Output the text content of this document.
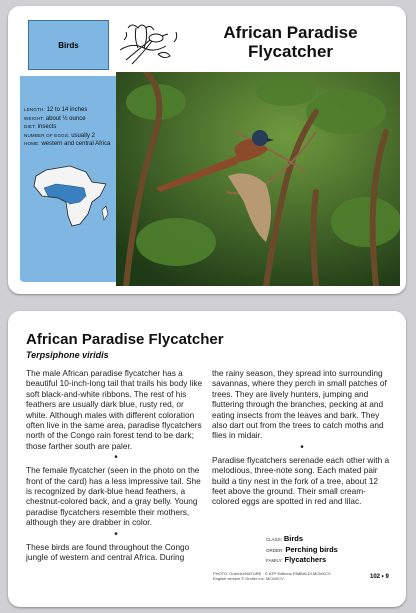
Birds
African Paradise Flycatcher
LENGTH: 12 to 14 inches
WEIGHT: about ½ ounce
DIET: insects
NUMBER OF EGGS: usually 2
HOME: western and central Africa
African Paradise Flycatcher
Terpsiphone viridis

The male African paradise flycatcher has a beautiful 10-inch-long tail that trails his body like soft black-and-white ribbons. The rest of his feathers are usually dark blue, rusty red, or white. Although males with different coloration often live in the same area, paradise flycatchers north of the Congo rain forest tend to be dark; those farther south are paler.

•

The female flycatcher (seen in the photo on the front of the card) has a less impressive tail. She is recognized by dark-blue head feathers, a chestnut-colored back, and a gray belly. Young paradise flycatchers resemble their mothers, although they are drabber in color.

•

These birds are found throughout the Congo jungle of western and central Africa. During

the rainy season, they spread into surrounding savannas, where they perch in small patches of trees. They are lively hunters, jumping and fluttering through the branches, pecking at and eating insects from the leaves and bark. They also dart out from the trees to catch moths and flies in midair.

•

Paradise flycatchers serenade each other with a melodious, three-note song. Each mated pair build a tiny nest in the fork of a tree, about 12 feet above the ground. Their small cream-colored eggs are spotted in red and lilac.

CLASS: Birds
ORDER: Perching birds
FAMILY: Flycatchers
PHOTO: Guerrier/NATURE · © ATP·Editions RIMBALDI MCMXCV
English version © Grolier Inc. MCMXCV	102 • 9
